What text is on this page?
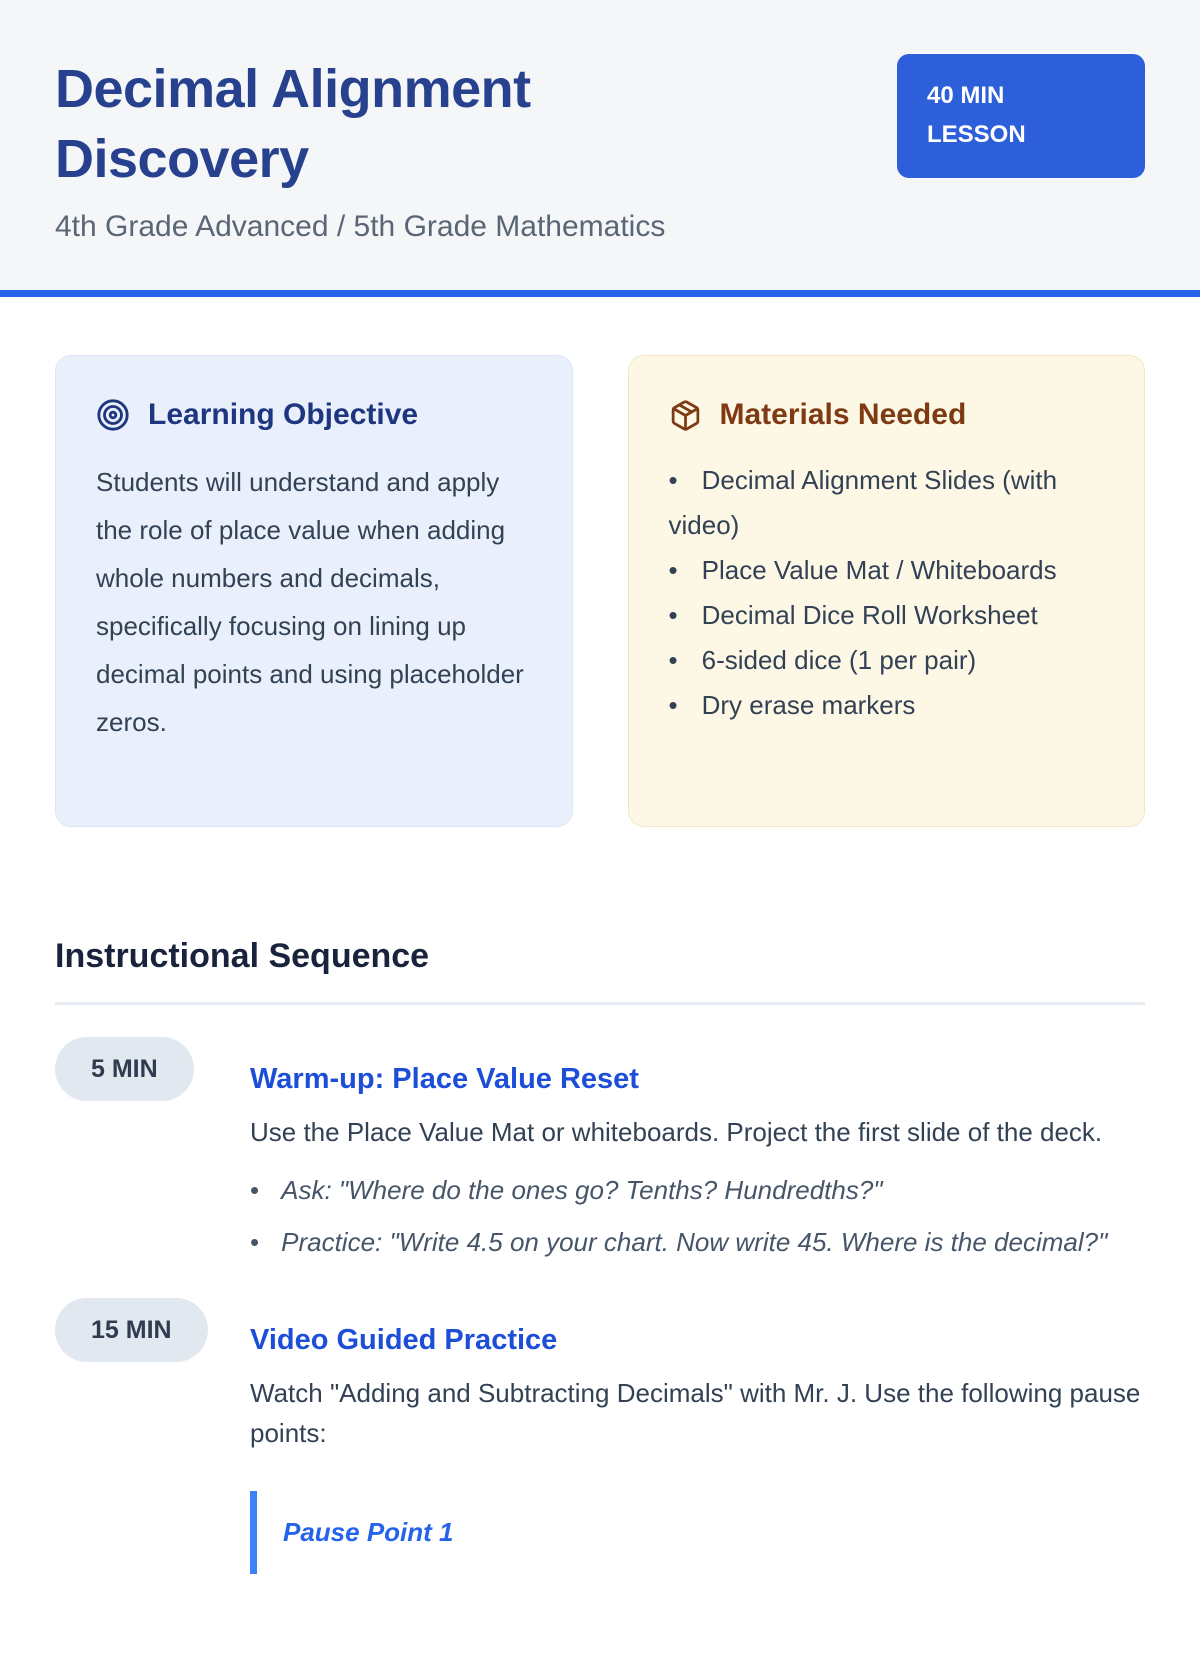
Decimal Alignment Discovery

4th Grade Advanced / 5th Grade Mathematics

40 MIN
LESSON
Learning Objective

Students will understand and apply the role of place value when adding whole numbers and decimals, specifically focusing on lining up decimal points and using placeholder zeros.

Materials Needed
• Decimal Alignment Slides (with video)
• Place Value Mat / Whiteboards
• Decimal Dice Roll Worksheet
• 6-sided dice (1 per pair)
• Dry erase markers
Instructional Sequence
5 MIN	Warm-up: Place Value Reset

Use the Place Value Mat or whiteboards. Project the first slide of the deck.

• Ask: "Where do the ones go? Tenths? Hundredths?"
• Practice: "Write 4.5 on your chart. Now write 45. Where is the decimal?"
15 MIN	Video Guided Practice

Watch "Adding and Subtracting Decimals" with Mr. J. Use the following pause points:

Pause Point 1
